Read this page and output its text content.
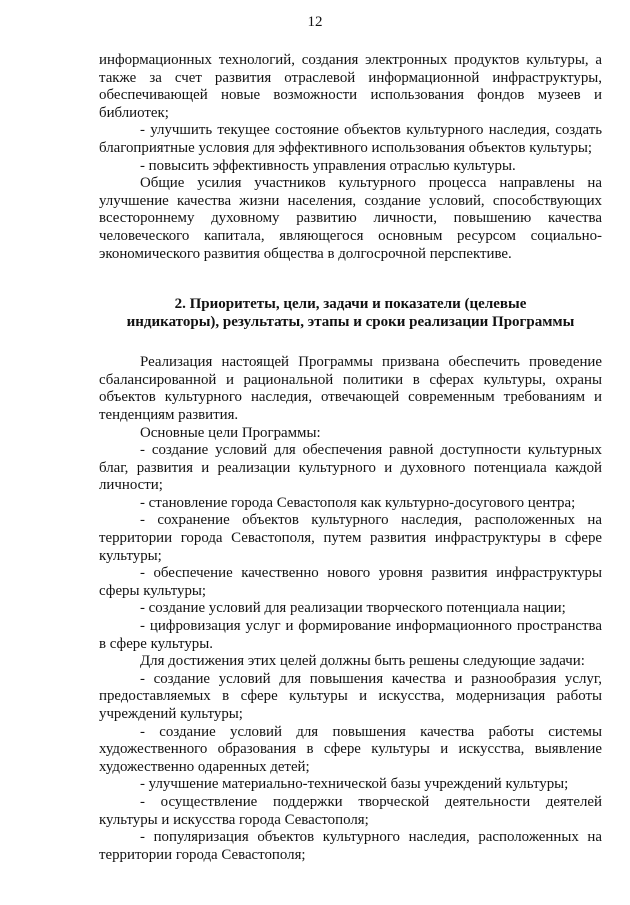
12

информационных технологий, создания электронных продуктов культуры, а также за счет развития отраслевой информационной инфраструктуры, обеспечивающей новые возможности использования фондов музеев и библиотек;

- улучшить текущее состояние объектов культурного наследия, создать благоприятные условия для эффективного использования объектов культуры;

- повысить эффективность управления отраслью культуры.

Общие усилия участников культурного процесса направлены на улучшение качества жизни населения, создание условий, способствующих всестороннему духовному развитию личности, повышению качества человеческого капитала, являющегося основным ресурсом социально-экономического развития общества в долгосрочной перспективе.

2. Приоритеты, цели, задачи и показатели (целевые
индикаторы), результаты, этапы и сроки реализации Программы

Реализация настоящей Программы призвана обеспечить проведение сбалансированной и рациональной политики в сферах культуры, охраны объектов культурного наследия, отвечающей современным требованиям и тенденциям развития.

Основные цели Программы:

- создание условий для обеспечения равной доступности культурных благ, развития и реализации культурного и духовного потенциала каждой личности;

- становление города Севастополя как культурно-досугового центра;

- сохранение объектов культурного наследия, расположенных на территории города Севастополя, путем развития инфраструктуры в сфере культуры;

- обеспечение качественно нового уровня развития инфраструктуры сферы культуры;

- создание условий для реализации творческого потенциала нации;

- цифровизация услуг и формирование информационного пространства в сфере культуры.

Для достижения этих целей должны быть решены следующие задачи:

- создание условий для повышения качества и разнообразия услуг, предоставляемых в сфере культуры и искусства, модернизация работы учреждений культуры;

- создание условий для повышения качества работы системы художественного образования в сфере культуры и искусства, выявление художественно одаренных детей;

- улучшение материально-технической базы учреждений культуры;

- осуществление поддержки творческой деятельности деятелей культуры и искусства города Севастополя;

- популяризация объектов культурного наследия, расположенных на территории города Севастополя;
